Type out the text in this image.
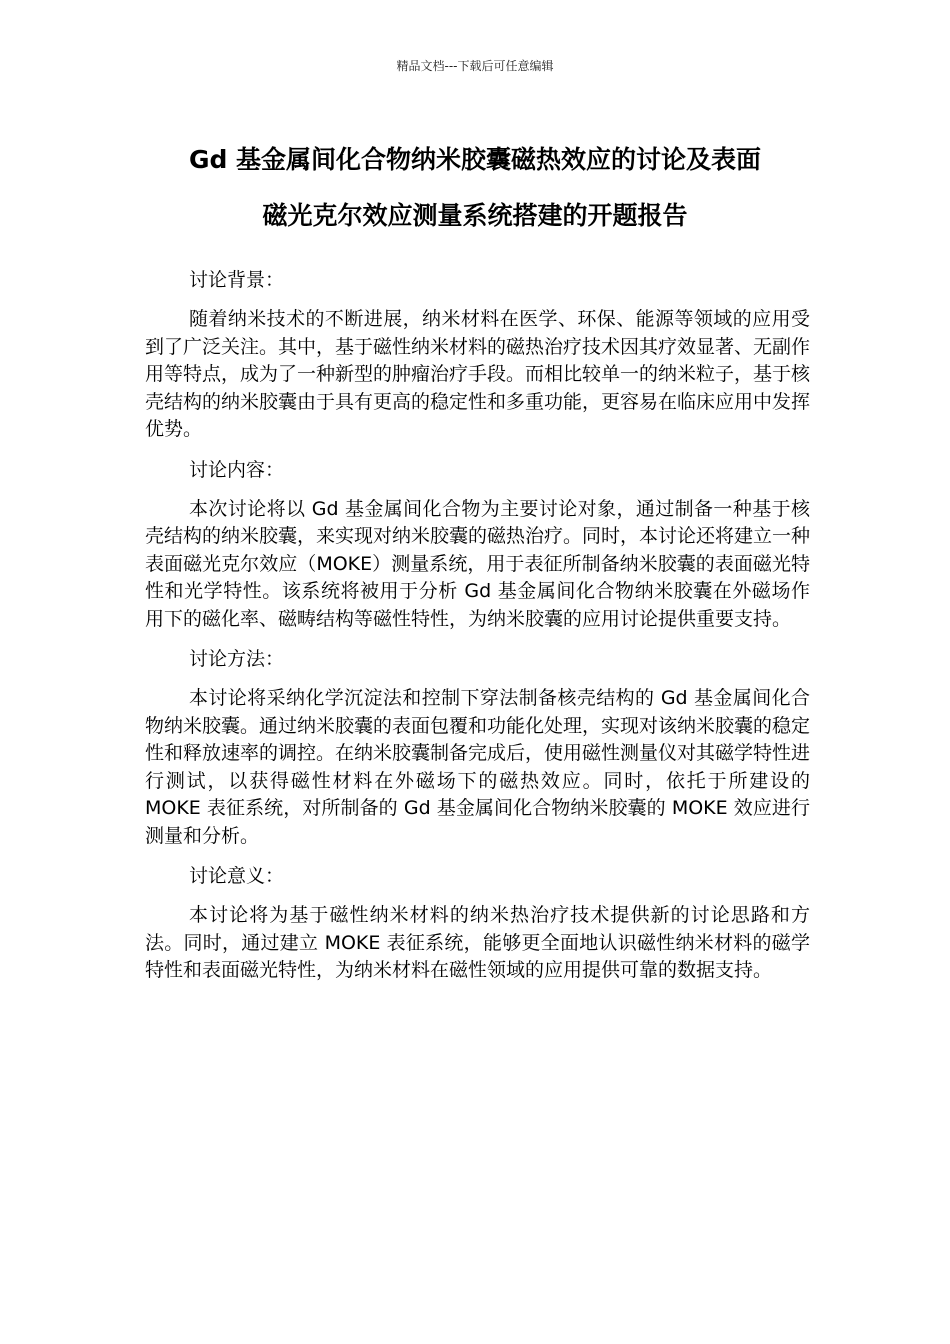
精品文档---下载后可任意编辑
Gd 基金属间化合物纳米胶囊磁热效应的讨论及表面
磁光克尔效应测量系统搭建的开题报告

讨论背景：

随着纳米技术的不断进展，纳米材料在医学、环保、能源等领域的应用受到了广泛关注。其中，基于磁性纳米材料的磁热治疗技术因其疗效显著、无副作用等特点，成为了一种新型的肿瘤治疗手段。而相比较单一的纳米粒子，基于核壳结构的纳米胶囊由于具有更高的稳定性和多重功能，更容易在临床应用中发挥优势。

讨论内容：

本次讨论将以 Gd 基金属间化合物为主要讨论对象，通过制备一种基于核壳结构的纳米胶囊，来实现对纳米胶囊的磁热治疗。同时，本讨论还将建立一种表面磁光克尔效应（MOKE）测量系统，用于表征所制备纳米胶囊的表面磁光特性和光学特性。该系统将被用于分析 Gd 基金属间化合物纳米胶囊在外磁场作用下的磁化率、磁畴结构等磁性特性，为纳米胶囊的应用讨论提供重要支持。

讨论方法：

本讨论将采纳化学沉淀法和控制下穿法制备核壳结构的 Gd 基金属间化合物纳米胶囊。通过纳米胶囊的表面包覆和功能化处理，实现对该纳米胶囊的稳定性和释放速率的调控。在纳米胶囊制备完成后，使用磁性测量仪对其磁学特性进行测试，以获得磁性材料在外磁场下的磁热效应。同时，依托于所建设的 MOKE 表征系统，对所制备的 Gd 基金属间化合物纳米胶囊的 MOKE 效应进行测量和分析。

讨论意义：

本讨论将为基于磁性纳米材料的纳米热治疗技术提供新的讨论思路和方法。同时，通过建立 MOKE 表征系统，能够更全面地认识磁性纳米材料的磁学特性和表面磁光特性，为纳米材料在磁性领域的应用提供可靠的数据支持。
